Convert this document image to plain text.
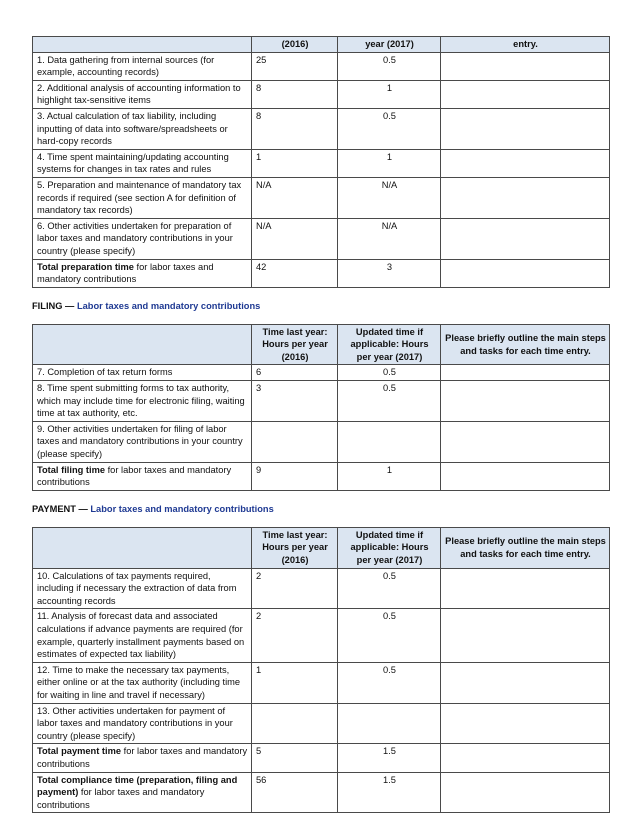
	(2016)	year (2017)	entry.
1. Data gathering from internal sources (for example, accounting records)	25	0.5	
2. Additional analysis of accounting information to highlight tax-sensitive items	8	1	
3. Actual calculation of tax liability, including inputting of data into software/spreadsheets or hard-copy records	8	0.5	
4. Time spent maintaining/updating accounting systems for changes in tax rates and rules	1	1	
5. Preparation and maintenance of mandatory tax records if required (see section A for definition of mandatory tax records)	N/A	N/A	
6. Other activities undertaken for preparation of labor taxes and mandatory contributions in your country (please specify)	N/A	N/A	
Total preparation time for labor taxes and mandatory contributions	42	3	
FILING — Labor taxes and mandatory contributions
	Time last year: Hours per year (2016)	Updated time if applicable: Hours per year (2017)	Please briefly outline the main steps and tasks for each time entry.
7. Completion of tax return forms	6	0.5	
8. Time spent submitting forms to tax authority, which may include time for electronic filing, waiting time at tax authority, etc.	3	0.5	
9. Other activities undertaken for filing of labor taxes and mandatory contributions in your country (please specify)			
Total filing time for labor taxes and mandatory contributions	9	1	
PAYMENT — Labor taxes and mandatory contributions
	Time last year: Hours per year (2016)	Updated time if applicable: Hours per year (2017)	Please briefly outline the main steps and tasks for each time entry.
10. Calculations of tax payments required, including if necessary the extraction of data from accounting records	2	0.5	
11. Analysis of forecast data and associated calculations if advance payments are required (for example, quarterly installment payments based on estimates of expected tax liability)	2	0.5	
12. Time to make the necessary tax payments, either online or at the tax authority (including time for waiting in line and travel if necessary)	1	0.5	
13. Other activities undertaken for payment of labor taxes and mandatory contributions in your country (please specify)			
Total payment time for labor taxes and mandatory contributions	5	1.5	
Total compliance time (preparation, filing and payment) for labor taxes and mandatory contributions	56	1.5	
